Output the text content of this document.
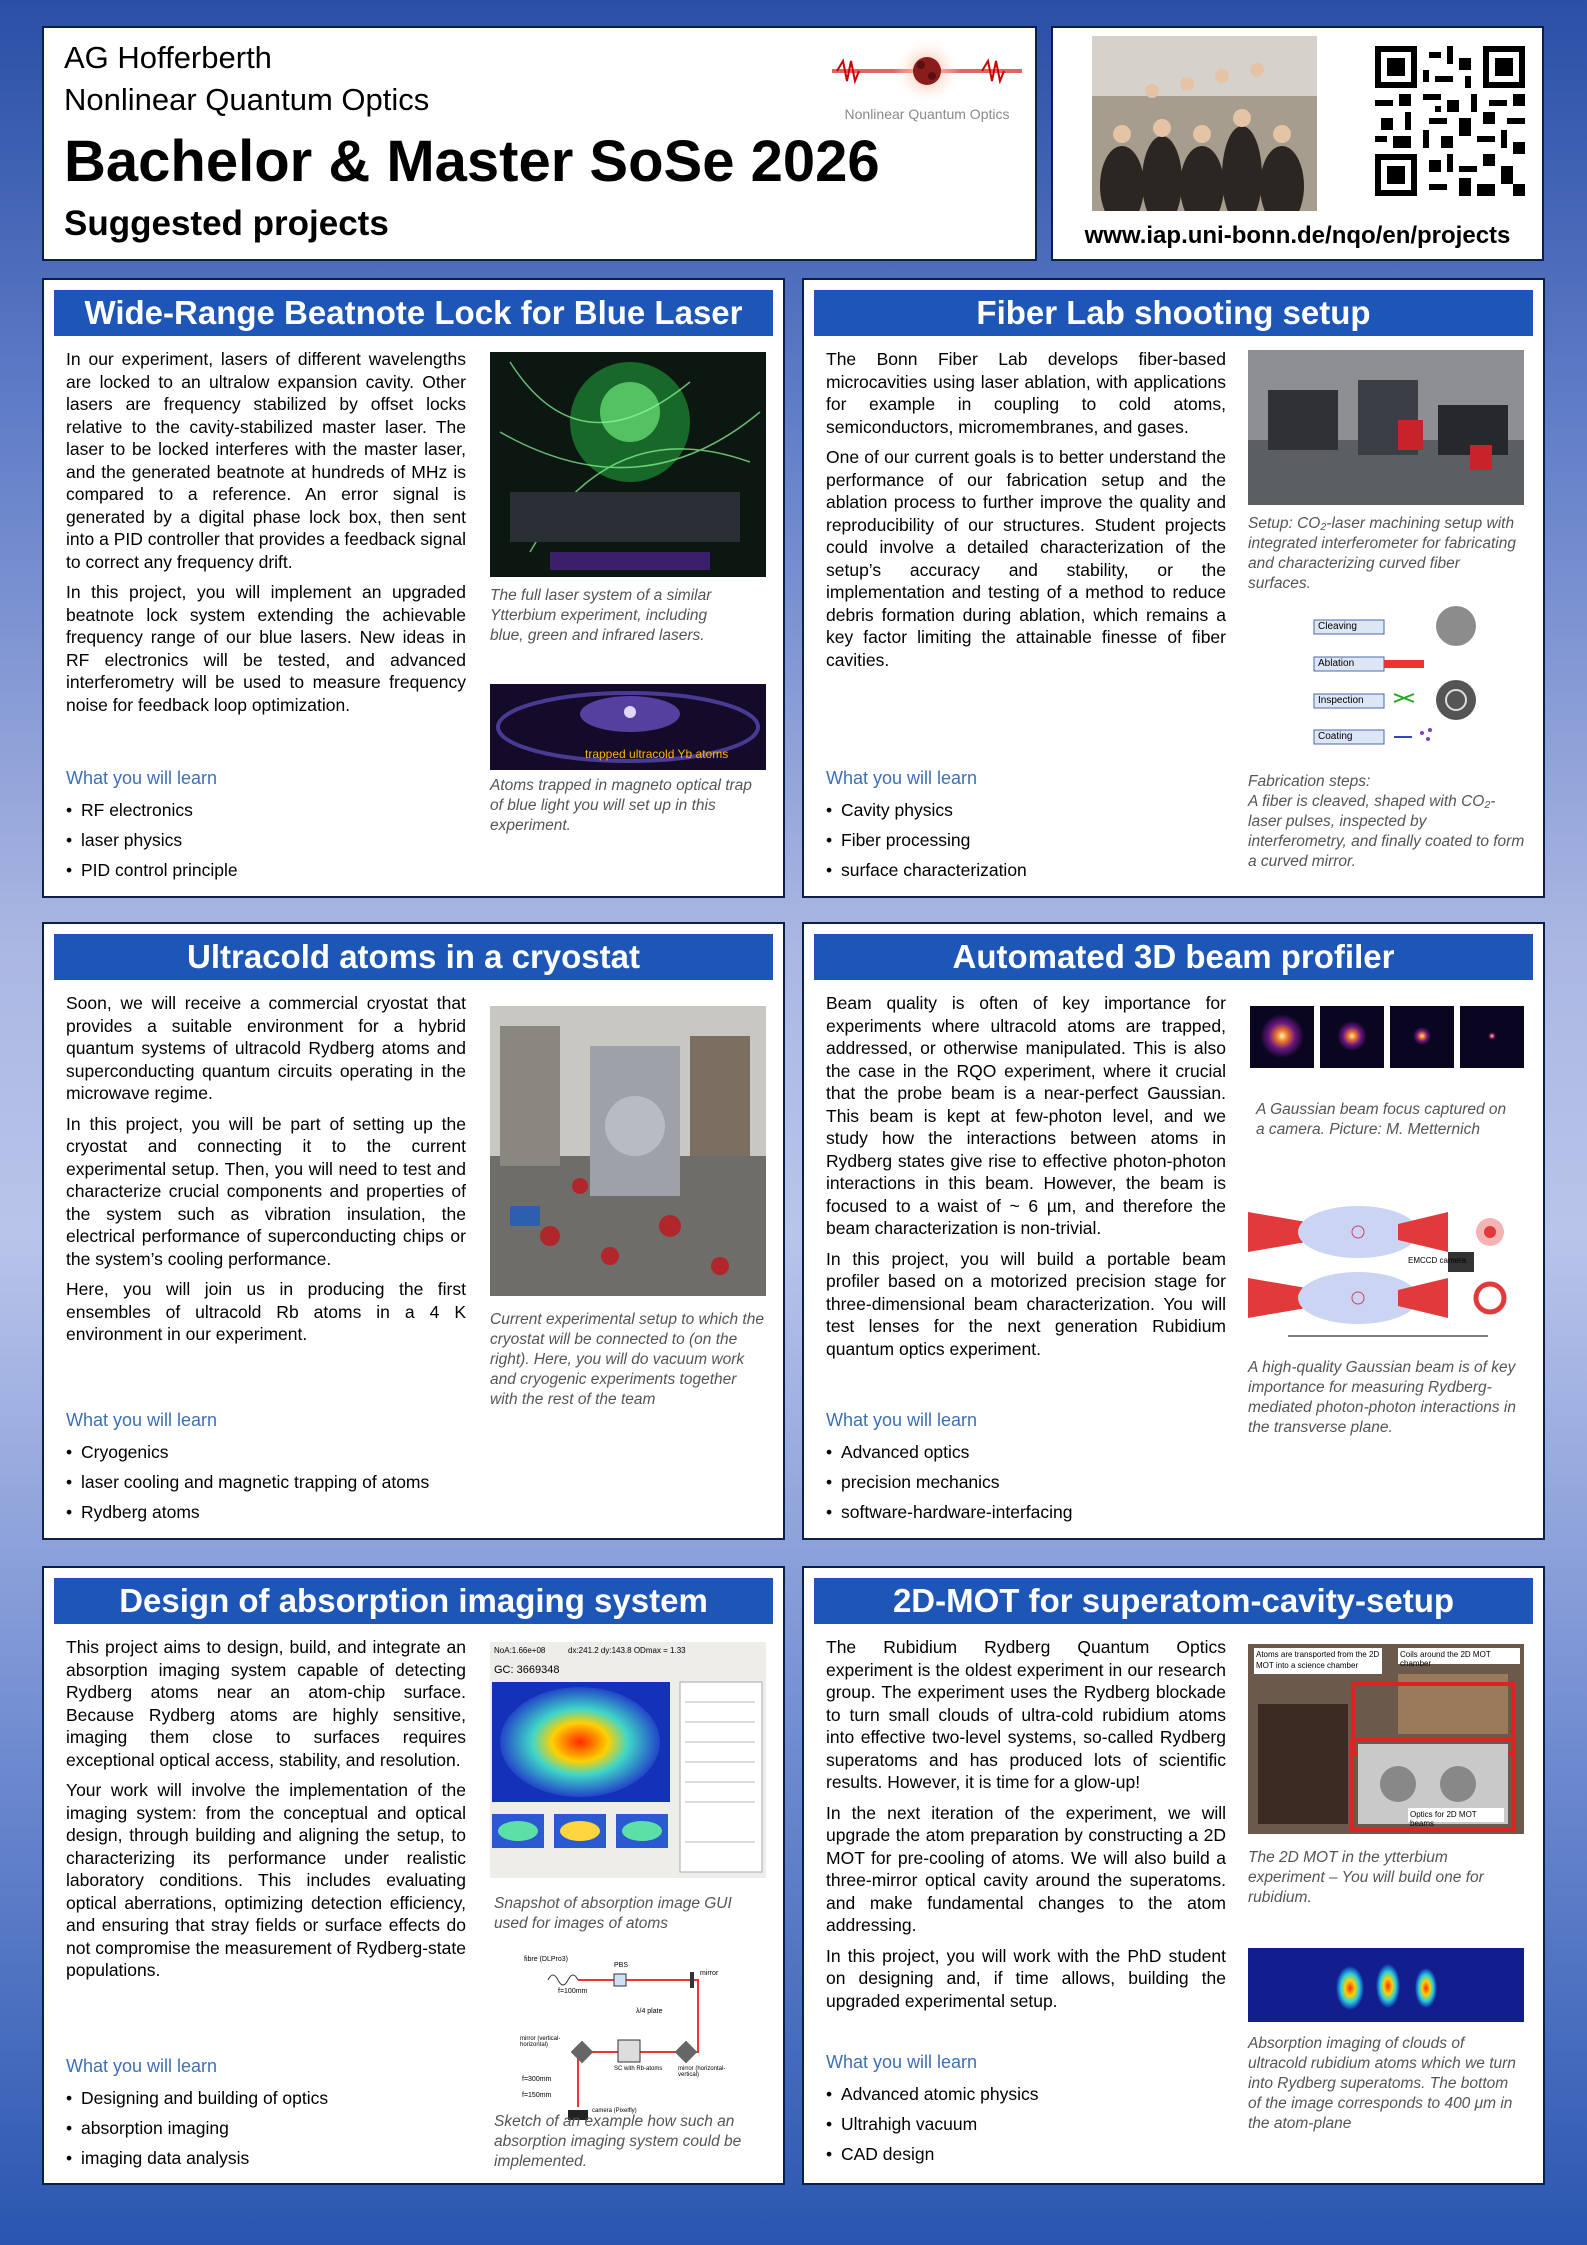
AG Hofferberth
Nonlinear Quantum Optics
Bachelor & Master SoSe 2026
Suggested projects
Nonlinear Quantum Optics
www.iap.uni-bonn.de/nqo/en/projects
Wide-Range Beatnote Lock for Blue Laser

In our experiment, lasers of different wavelengths are locked to an ultralow expansion cavity. Other lasers are frequency stabilized by offset locks relative to the cavity-stabilized master laser. The laser to be locked interferes with the master laser, and the generated beatnote at hundreds of MHz is compared to a reference. An error signal is generated by a digital phase lock box, then sent into a PID controller that provides a feedback signal to correct any frequency drift.

In this project, you will implement an upgraded beatnote lock system extending the achievable frequency range of our blue lasers. New ideas in RF electronics will be tested, and advanced interferometry will be used to measure frequency noise for feedback loop optimization.

What you will learn
• RF electronics
• laser physics
• PID control principle
The full laser system of a similar Ytterbium experiment, including blue, green and infrared lasers.
trapped ultracold Yb atoms
Atoms trapped in magneto optical trap of blue light you will set up in this experiment.
Fiber Lab shooting setup

The Bonn Fiber Lab develops fiber-based microcavities using laser ablation, with applications for example in coupling to cold atoms, semiconductors, micromembranes, and gases.

One of our current goals is to better understand the performance of our fabrication setup and the ablation process to further improve the quality and reproducibility of our structures. Student projects could involve a detailed characterization of the setup’s accuracy and stability, or the implementation and testing of a method to reduce debris formation during ablation, which remains a key factor limiting the attainable finesse of fiber cavities.

What you will learn
• Cavity physics
• Fiber processing
• surface characterization
Setup: CO₂-laser machining setup with integrated interferometer for fabricating and characterizing curved fiber surfaces.
Cleaving
Ablation
Inspection
Coating
Fabrication steps:
A fiber is cleaved, shaped with CO₂-laser pulses, inspected by interferometry, and finally coated to form a curved mirror.
Ultracold atoms in a cryostat

Soon, we will receive a commercial cryostat that provides a suitable environment for a hybrid quantum systems of ultracold Rydberg atoms and superconducting quantum circuits operating in the microwave regime.

In this project, you will be part of setting up the cryostat and connecting it to the current experimental setup. Then, you will need to test and characterize crucial components and properties of the system such as vibration insulation, the electrical performance of superconducting chips or the system’s cooling performance.

Here, you will join us in producing the first ensembles of ultracold Rb atoms in a 4 K environment in our experiment.

What you will learn
• Cryogenics
• laser cooling and magnetic trapping of atoms
• Rydberg atoms
Current experimental setup to which the cryostat will be connected to (on the right). Here, you will do vacuum work and cryogenic experiments together with the rest of the team
Automated 3D beam profiler

Beam quality is often of key importance for experiments where ultracold atoms are trapped, addressed, or otherwise manipulated. This is also the case in the RQO experiment, where it crucial that the probe beam is a near-perfect Gaussian. This beam is kept at few-photon level, and we study how the interactions between atoms in Rydberg states give rise to effective photon-photon interactions in this beam. However, the beam is focused to a waist of ~ 6 µm, and therefore the beam characterization is non-trivial.

In this project, you will build a portable beam profiler based on a motorized precision stage for three-dimensional beam characterization. You will test lenses for the next generation Rubidium quantum optics experiment.

What you will learn
• Advanced optics
• precision mechanics
• software-hardware-interfacing
A Gaussian beam focus captured on a camera. Picture: M. Metternich
EMCCD camera
A high-quality Gaussian beam is of key importance for measuring Rydberg-mediated photon-photon interactions in the transverse plane.
Design of absorption imaging system

This project aims to design, build, and integrate an absorption imaging system capable of detecting Rydberg atoms near an atom-chip surface. Because Rydberg atoms are highly sensitive, imaging them close to surfaces requires exceptional optical access, stability, and resolution.

Your work will involve the implementation of the imaging system: from the conceptual and optical design, through building and aligning the setup, to characterizing its performance under realistic laboratory conditions. This includes evaluating optical aberrations, optimizing detection efficiency, and ensuring that stray fields or surface effects do not compromise the measurement of Rydberg-state populations.

What you will learn
• Designing and building of optics
• absorption imaging
• imaging data analysis
NoA:1.66e+08	dx:241.2 dy:143.8 ODmax = 1.33
GC: 3669348
Snapshot of absorption image GUI used for images of atoms
fibre (DLPro3)
f=100mm
PBS
mirror
λ/4 plate
mirror (vertical-horizontal)
SC with Rb-atoms	mirror (horizontal-vertical)
f=300mm
f=150mm
camera (Pixelfly)
Sketch of an example how such an absorption imaging system could be implemented.
2D-MOT for superatom-cavity-setup

The Rubidium Rydberg Quantum Optics experiment is the oldest experiment in our research group. The experiment uses the Rydberg blockade to turn small clouds of ultra-cold rubidium atoms into effective two-level systems, so-called Rydberg superatoms and has produced lots of scientific results. However, it is time for a glow-up!

In the next iteration of the experiment, we will upgrade the atom preparation by constructing a 2D MOT for pre-cooling of atoms. We will also build a three-mirror optical cavity around the superatoms. and make fundamental changes to the atom addressing.

In this project, you will work with the PhD student on designing and, if time allows, building the upgraded experimental setup.

What you will learn
• Advanced atomic physics
• Ultrahigh vacuum
• CAD design
Atoms are transported from the 2D MOT into a science chamber
Coils around the 2D MOT chamber
Optics for 2D MOT beams
The 2D MOT in the ytterbium experiment – You will build one for rubidium.
Absorption imaging of clouds of ultracold rubidium atoms which we turn into Rydberg superatoms. The bottom of the image corresponds to 400 μm in the atom-plane
